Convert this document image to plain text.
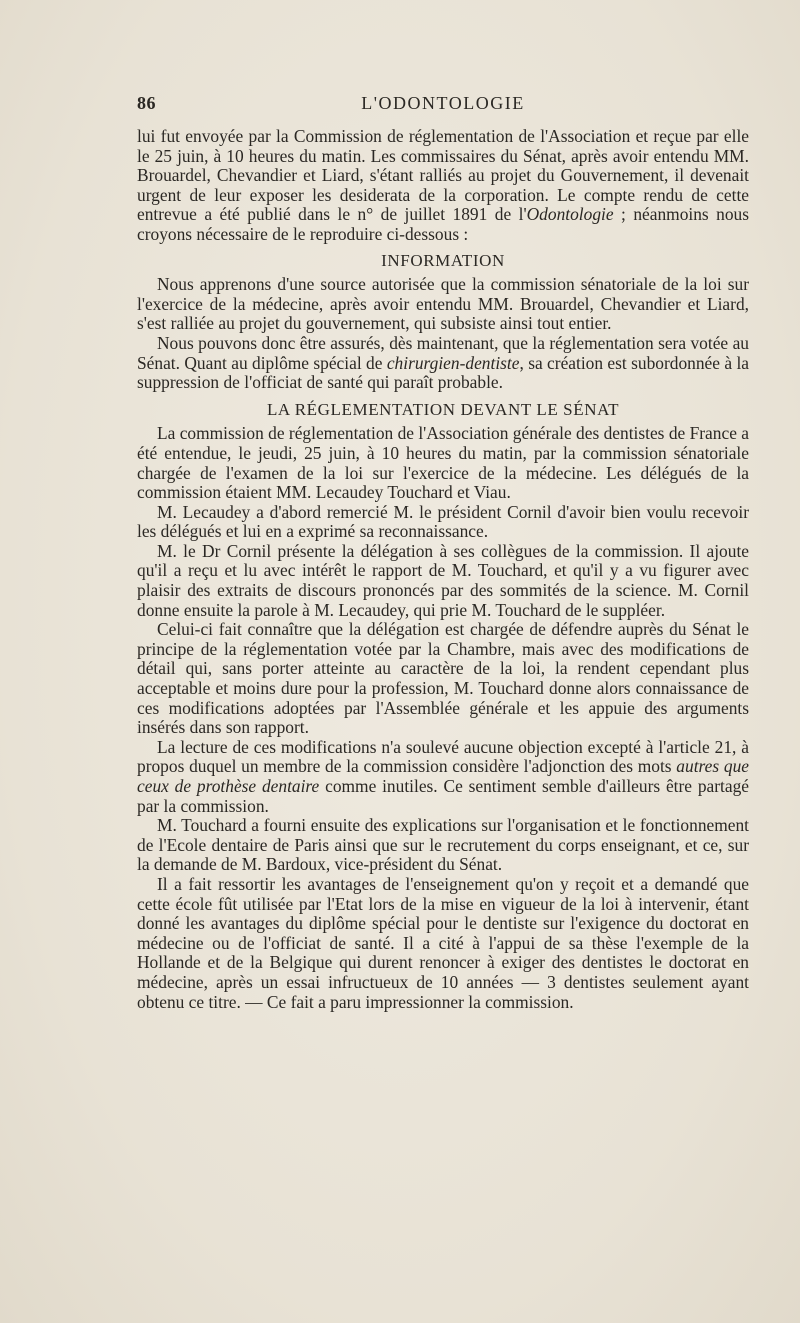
86	L'ODONTOLOGIE

lui fut envoyée par la Commission de réglementation de l'Association et reçue par elle le 25 juin, à 10 heures du matin. Les commissaires du Sénat, après avoir entendu MM. Brouardel, Chevandier et Liard, s'étant ralliés au projet du Gouvernement, il devenait urgent de leur exposer les desiderata de la corporation. Le compte rendu de cette entrevue a été publié dans le n° de juillet 1891 de l'Odontologie ; néanmoins nous croyons nécessaire de le reproduire ci-dessous :

INFORMATION

Nous apprenons d'une source autorisée que la commission sénatoriale de la loi sur l'exercice de la médecine, après avoir entendu MM. Brouardel, Chevandier et Liard, s'est ralliée au projet du gouvernement, qui subsiste ainsi tout entier.

Nous pouvons donc être assurés, dès maintenant, que la réglementation sera votée au Sénat. Quant au diplôme spécial de chirurgien-dentiste, sa création est subordonnée à la suppression de l'officiat de santé qui paraît probable.

LA RÉGLEMENTATION DEVANT LE SÉNAT

La commission de réglementation de l'Association générale des dentistes de France a été entendue, le jeudi, 25 juin, à 10 heures du matin, par la commission sénatoriale chargée de l'examen de la loi sur l'exercice de la médecine. Les délégués de la commission étaient MM. Lecaudey Touchard et Viau.

M. Lecaudey a d'abord remercié M. le président Cornil d'avoir bien voulu recevoir les délégués et lui en a exprimé sa reconnaissance.

M. le Dr Cornil présente la délégation à ses collègues de la commission. Il ajoute qu'il a reçu et lu avec intérêt le rapport de M. Touchard, et qu'il y a vu figurer avec plaisir des extraits de discours prononcés par des sommités de la science. M. Cornil donne ensuite la parole à M. Lecaudey, qui prie M. Touchard de le suppléer.

Celui-ci fait connaître que la délégation est chargée de défendre auprès du Sénat le principe de la réglementation votée par la Chambre, mais avec des modifications de détail qui, sans porter atteinte au caractère de la loi, la rendent cependant plus acceptable et moins dure pour la profession, M. Touchard donne alors connaissance de ces modifications adoptées par l'Assemblée générale et les appuie des arguments insérés dans son rapport.

La lecture de ces modifications n'a soulevé aucune objection excepté à l'article 21, à propos duquel un membre de la commission considère l'adjonction des mots autres que ceux de prothèse dentaire comme inutiles. Ce sentiment semble d'ailleurs être partagé par la commission.

M. Touchard a fourni ensuite des explications sur l'organisation et le fonctionnement de l'Ecole dentaire de Paris ainsi que sur le recrutement du corps enseignant, et ce, sur la demande de M. Bardoux, vice-président du Sénat.

Il a fait ressortir les avantages de l'enseignement qu'on y reçoit et a demandé que cette école fût utilisée par l'Etat lors de la mise en vigueur de la loi à intervenir, étant donné les avantages du diplôme spécial pour le dentiste sur l'exigence du doctorat en médecine ou de l'officiat de santé. Il a cité à l'appui de sa thèse l'exemple de la Hollande et de la Belgique qui durent renoncer à exiger des dentistes le doctorat en médecine, après un essai infructueux de 10 années — 3 dentistes seulement ayant obtenu ce titre. — Ce fait a paru impressionner la commission.
